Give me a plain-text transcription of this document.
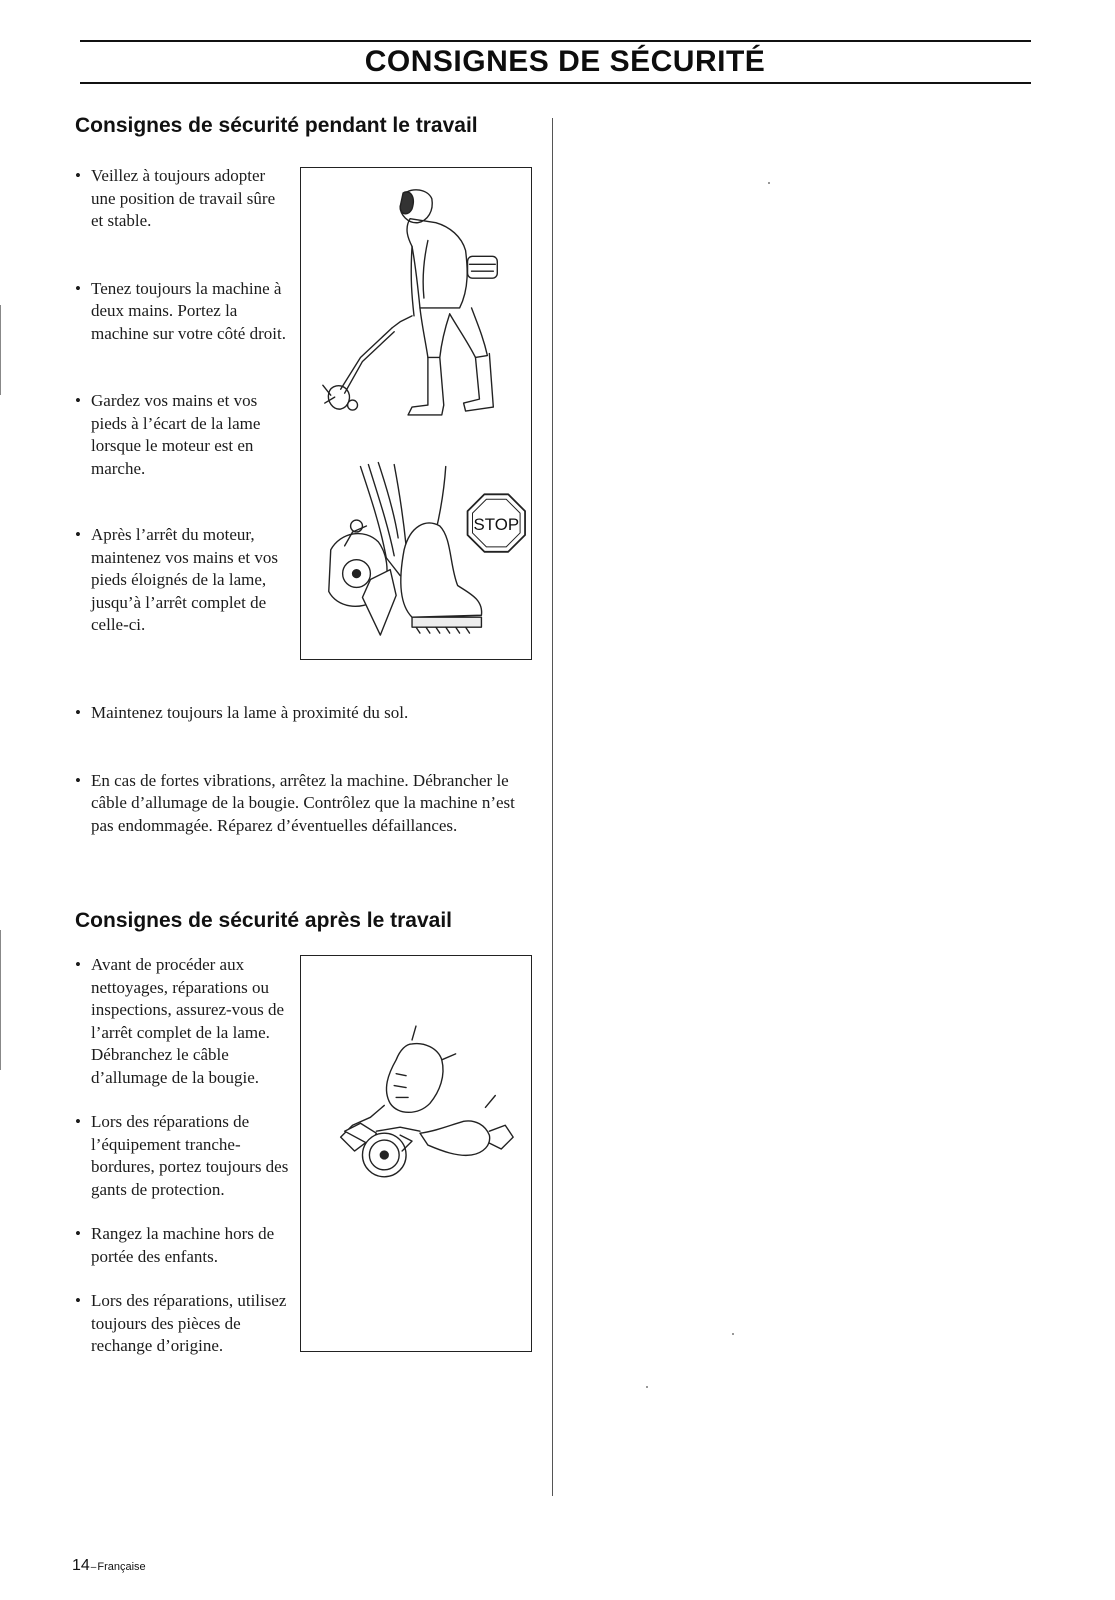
CONSIGNES DE SÉCURITÉ
Consignes de sécurité pendant le travail
• Veillez à toujours adopter une position de travail sûre et stable.
• Tenez toujours la machine à deux mains. Portez la machine sur votre côté droit.
• Gardez vos mains et vos pieds à l’écart de la lame lorsque le moteur est en marche.
• Après l’arrêt du moteur, maintenez vos mains et vos pieds éloignés de la lame, jusqu’à l’arrêt complet de celle-ci.
STOP
• Maintenez toujours la lame à proximité du sol.
• En cas de fortes vibrations, arrêtez la machine. Débrancher le câble d’allumage de la bougie. Contrôlez que la machine n’est pas endommagée. Réparez d’éventuelles défaillances.
Consignes de sécurité après le travail
• Avant de procéder aux nettoyages, réparations ou inspections, assurez-vous de l’arrêt complet de la lame. Débranchez le câble d’allumage de la bougie.
• Lors des réparations de l’équipement tranche-bordures, portez toujours des gants de protection.
• Rangez la machine hors de portée des enfants.
• Lors des réparations, utilisez toujours des pièces de rechange d’origine.
14–Française
